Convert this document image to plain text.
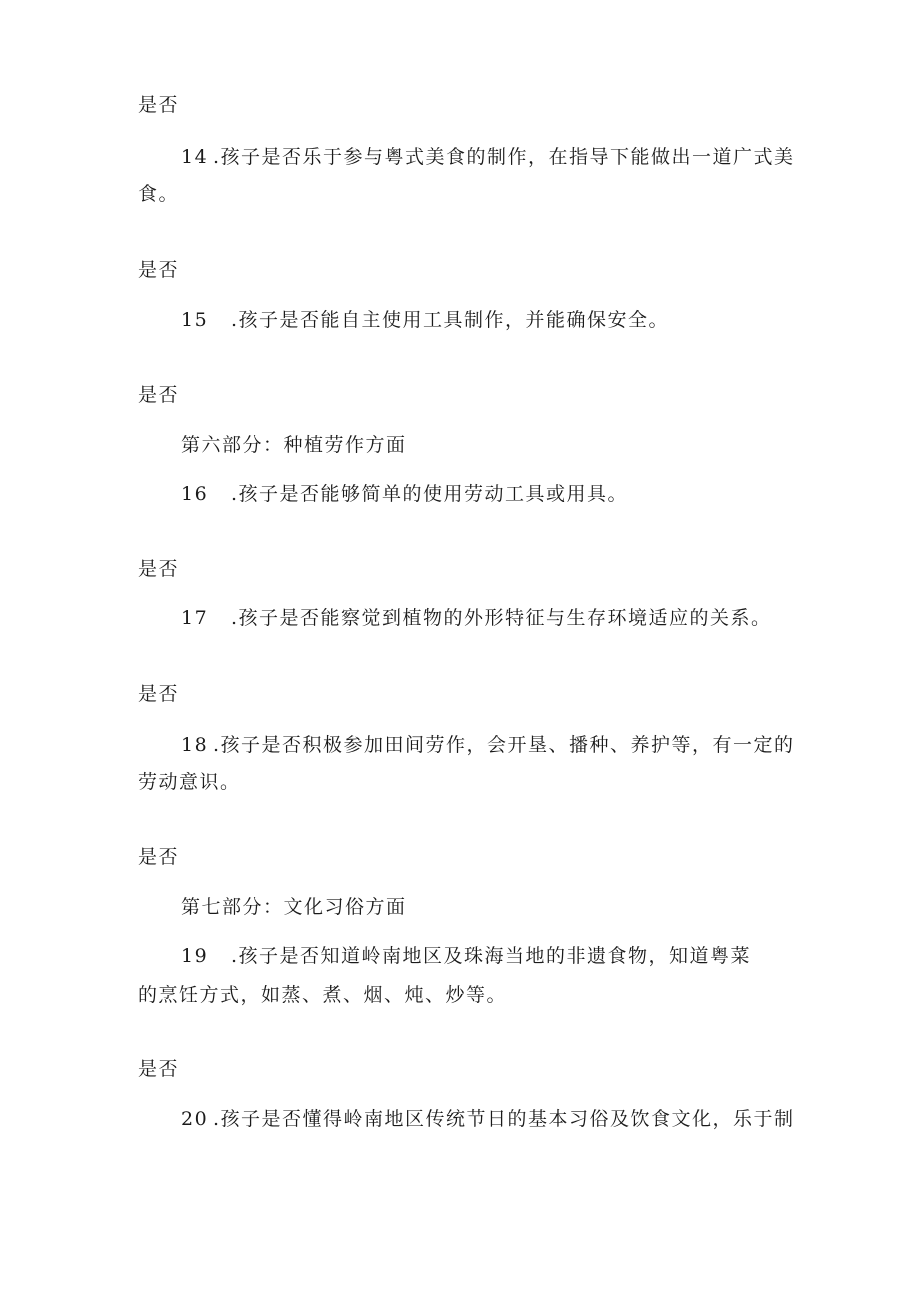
是否
14 .孩子是否乐于参与粤式美食的制作，在指导下能做出一道广式美
食。
是否
15 .孩子是否能自主使用工具制作，并能确保安全。
是否
第六部分：种植劳作方面
16 .孩子是否能够简单的使用劳动工具或用具。
是否
17 .孩子是否能察觉到植物的外形特征与生存环境适应的关系。
是否
18 .孩子是否积极参加田间劳作，会开垦、播种、养护等，有一定的
劳动意识。
是否
第七部分：文化习俗方面
19 .孩子是否知道岭南地区及珠海当地的非遗食物，知道粤菜
的烹饪方式，如蒸、煮、烟、炖、炒等。
是否
20 .孩子是否懂得岭南地区传统节日的基本习俗及饮食文化，乐于制
